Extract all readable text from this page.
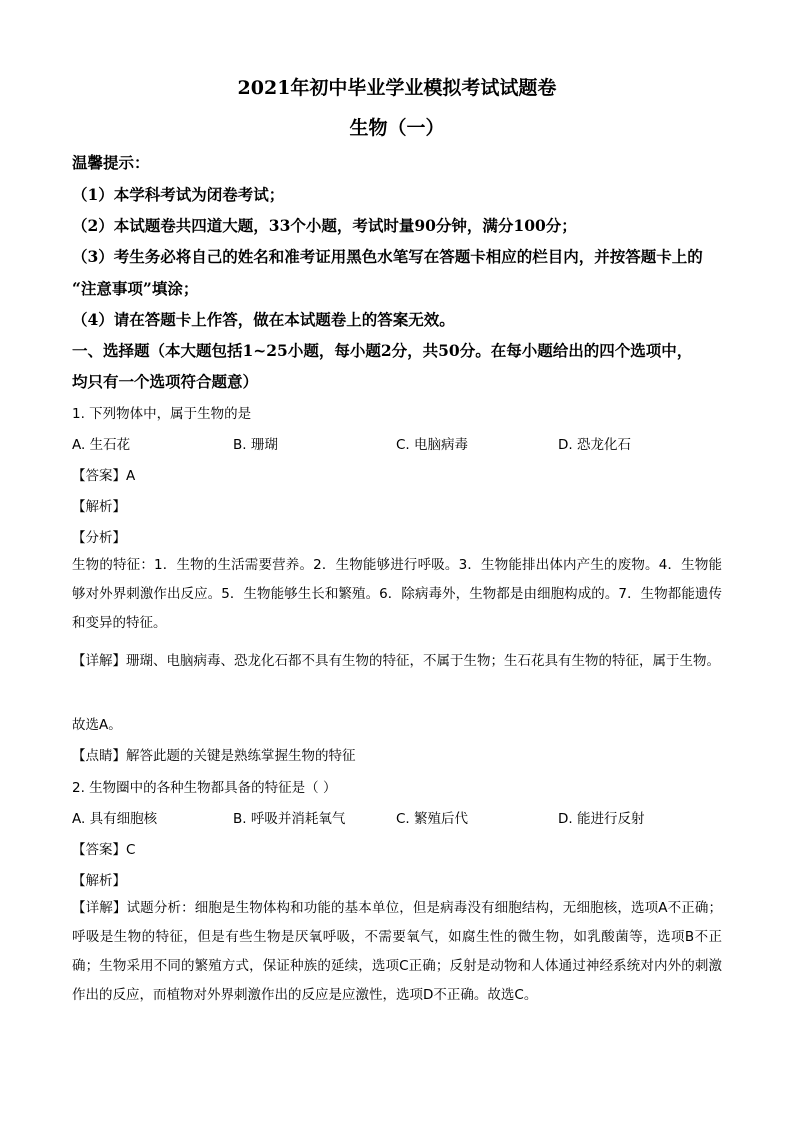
2021年初中毕业学业模拟考试试题卷
生物（一）
温馨提示：
（1）本学科考试为闭卷考试；
（2）本试题卷共四道大题，33个小题，考试时量90分钟，满分100分；
（3）考生务必将自己的姓名和准考证用黑色水笔写在答题卡相应的栏目内，并按答题卡上的
“注意事项”填涂；
（4）请在答题卡上作答，做在本试题卷上的答案无效。
一、选择题（本大题包括1~25小题，每小题2分，共50分。在每小题给出的四个选项中，
均只有一个选项符合题意）
1. 下列物体中，属于生物的是
A. 生石花	B. 珊瑚	C. 电脑病毒	D. 恐龙化石
【答案】A
【解析】
【分析】
生物的特征：1．生物的生活需要营养。2．生物能够进行呼吸。3．生物能排出体内产生的废物。4．生物能够对外界刺激作出反应。5．生物能够生长和繁殖。6．除病毒外，生物都是由细胞构成的。7．生物都能遗传和变异的特征。
【详解】珊瑚、电脑病毒、恐龙化石都不具有生物的特征，不属于生物；生石花具有生物的特征，属于生物。
故选A。
【点睛】解答此题的关键是熟练掌握生物的特征
2. 生物圈中的各种生物都具备的特征是（ ）
A. 具有细胞核	B. 呼吸并消耗氧气	C. 繁殖后代	D. 能进行反射
【答案】C
【解析】
【详解】试题分析：细胞是生物体构和功能的基本单位，但是病毒没有细胞结构，无细胞核，选项A不正确；呼吸是生物的特征，但是有些生物是厌氧呼吸，不需要氧气，如腐生性的微生物，如乳酸菌等，选项B不正确；生物采用不同的繁殖方式，保证种族的延续，选项C正确；反射是动物和人体通过神经系统对内外的刺激作出的反应，而植物对外界刺激作出的反应是应激性，选项D不正确。故选C。
